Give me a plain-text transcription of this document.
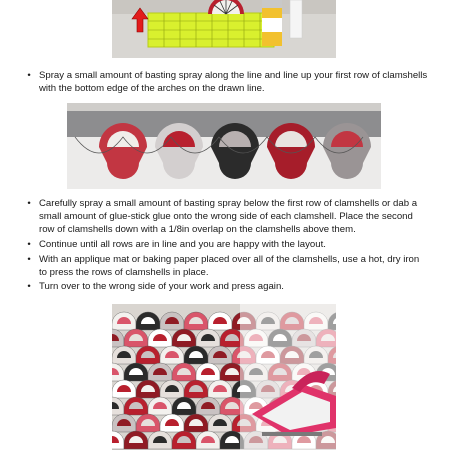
• Spray a small amount of basting spray along the line and line up your first row of clamshells with the bottom edge of the arches on the drawn line.
• Carefully spray a small amount of basting spray below the first row of clamshells or dab a small amount of glue-stick glue onto the wrong side of each clamshell. Place the second row of clamshells down with a 1/8in overlap on the clamshells above them.
• Continue until all rows are in line and you are happy with the layout.
• With an applique mat or baking paper placed over all of the clamshells, use a hot, dry iron to press the rows of clamshells in place.
• Turn over to the wrong side of your work and press again.
